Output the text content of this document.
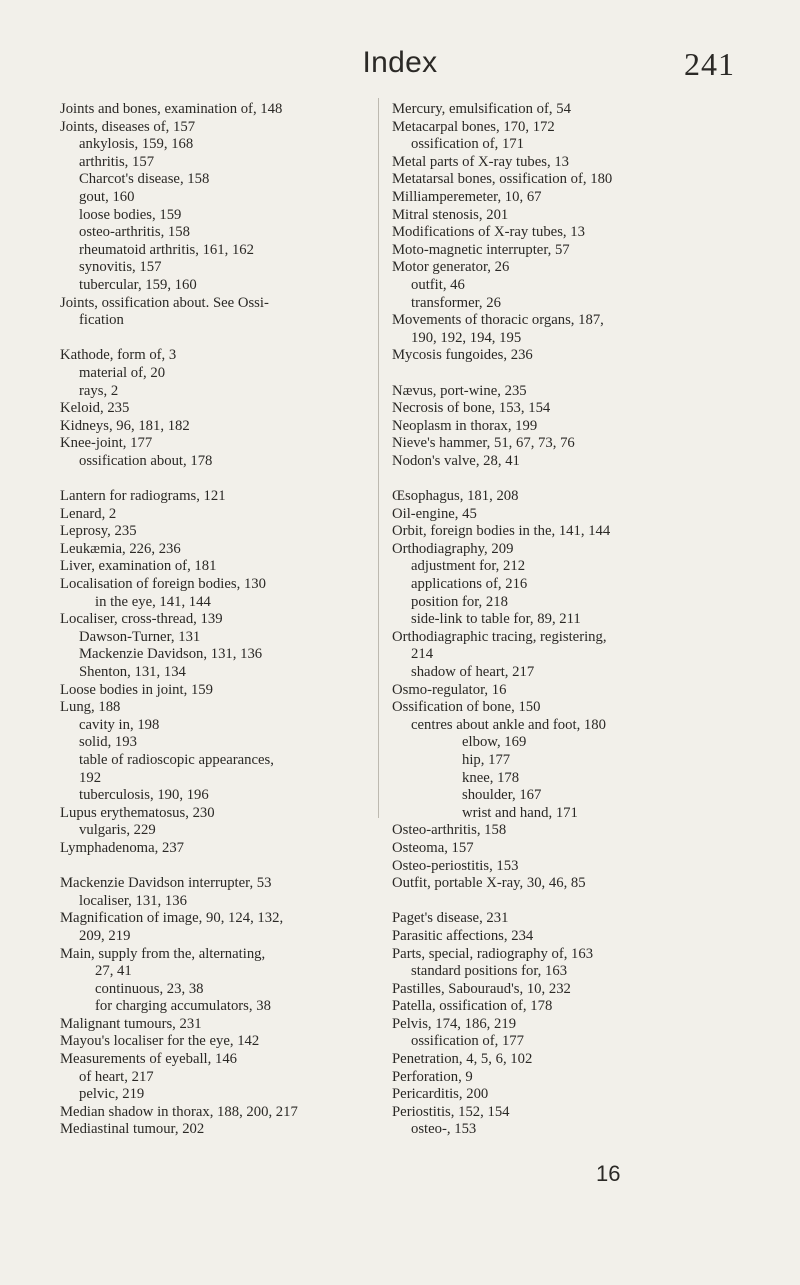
Index	241
Joints and bones, examination of, 148
Joints, diseases of, 157
ankylosis, 159, 168
arthritis, 157
Charcot's disease, 158
gout, 160
loose bodies, 159
osteo-arthritis, 158
rheumatoid arthritis, 161, 162
synovitis, 157
tubercular, 159, 160
Joints, ossification about. See Ossi-
fication
Kathode, form of, 3
material of, 20
rays, 2
Keloid, 235
Kidneys, 96, 181, 182
Knee-joint, 177
ossification about, 178
Lantern for radiograms, 121
Lenard, 2
Leprosy, 235
Leukæmia, 226, 236
Liver, examination of, 181
Localisation of foreign bodies, 130
in the eye, 141, 144
Localiser, cross-thread, 139
Dawson-Turner, 131
Mackenzie Davidson, 131, 136
Shenton, 131, 134
Loose bodies in joint, 159
Lung, 188
cavity in, 198
solid, 193
table of radioscopic appearances,
192
tuberculosis, 190, 196
Lupus erythematosus, 230
vulgaris, 229
Lymphadenoma, 237
Mackenzie Davidson interrupter, 53
localiser, 131, 136
Magnification of image, 90, 124, 132,
209, 219
Main, supply from the, alternating,
27, 41
continuous, 23, 38
for charging accumulators, 38
Malignant tumours, 231
Mayou's localiser for the eye, 142
Measurements of eyeball, 146
of heart, 217
pelvic, 219
Median shadow in thorax, 188, 200, 217
Mediastinal tumour, 202
Mercury, emulsification of, 54
Metacarpal bones, 170, 172
ossification of, 171
Metal parts of X-ray tubes, 13
Metatarsal bones, ossification of, 180
Milliamperemeter, 10, 67
Mitral stenosis, 201
Modifications of X-ray tubes, 13
Moto-magnetic interrupter, 57
Motor generator, 26
outfit, 46
transformer, 26
Movements of thoracic organs, 187,
190, 192, 194, 195
Mycosis fungoides, 236
Nævus, port-wine, 235
Necrosis of bone, 153, 154
Neoplasm in thorax, 199
Nieve's hammer, 51, 67, 73, 76
Nodon's valve, 28, 41
Œsophagus, 181, 208
Oil-engine, 45
Orbit, foreign bodies in the, 141, 144
Orthodiagraphy, 209
adjustment for, 212
applications of, 216
position for, 218
side-link to table for, 89, 211
Orthodiagraphic tracing, registering,
214
shadow of heart, 217
Osmo-regulator, 16
Ossification of bone, 150
centres about ankle and foot, 180
elbow, 169
hip, 177
knee, 178
shoulder, 167
wrist and hand, 171
Osteo-arthritis, 158
Osteoma, 157
Osteo-periostitis, 153
Outfit, portable X-ray, 30, 46, 85
Paget's disease, 231
Parasitic affections, 234
Parts, special, radiography of, 163
standard positions for, 163
Pastilles, Sabouraud's, 10, 232
Patella, ossification of, 178
Pelvis, 174, 186, 219
ossification of, 177
Penetration, 4, 5, 6, 102
Perforation, 9
Pericarditis, 200
Periostitis, 152, 154
osteo-, 153
16
